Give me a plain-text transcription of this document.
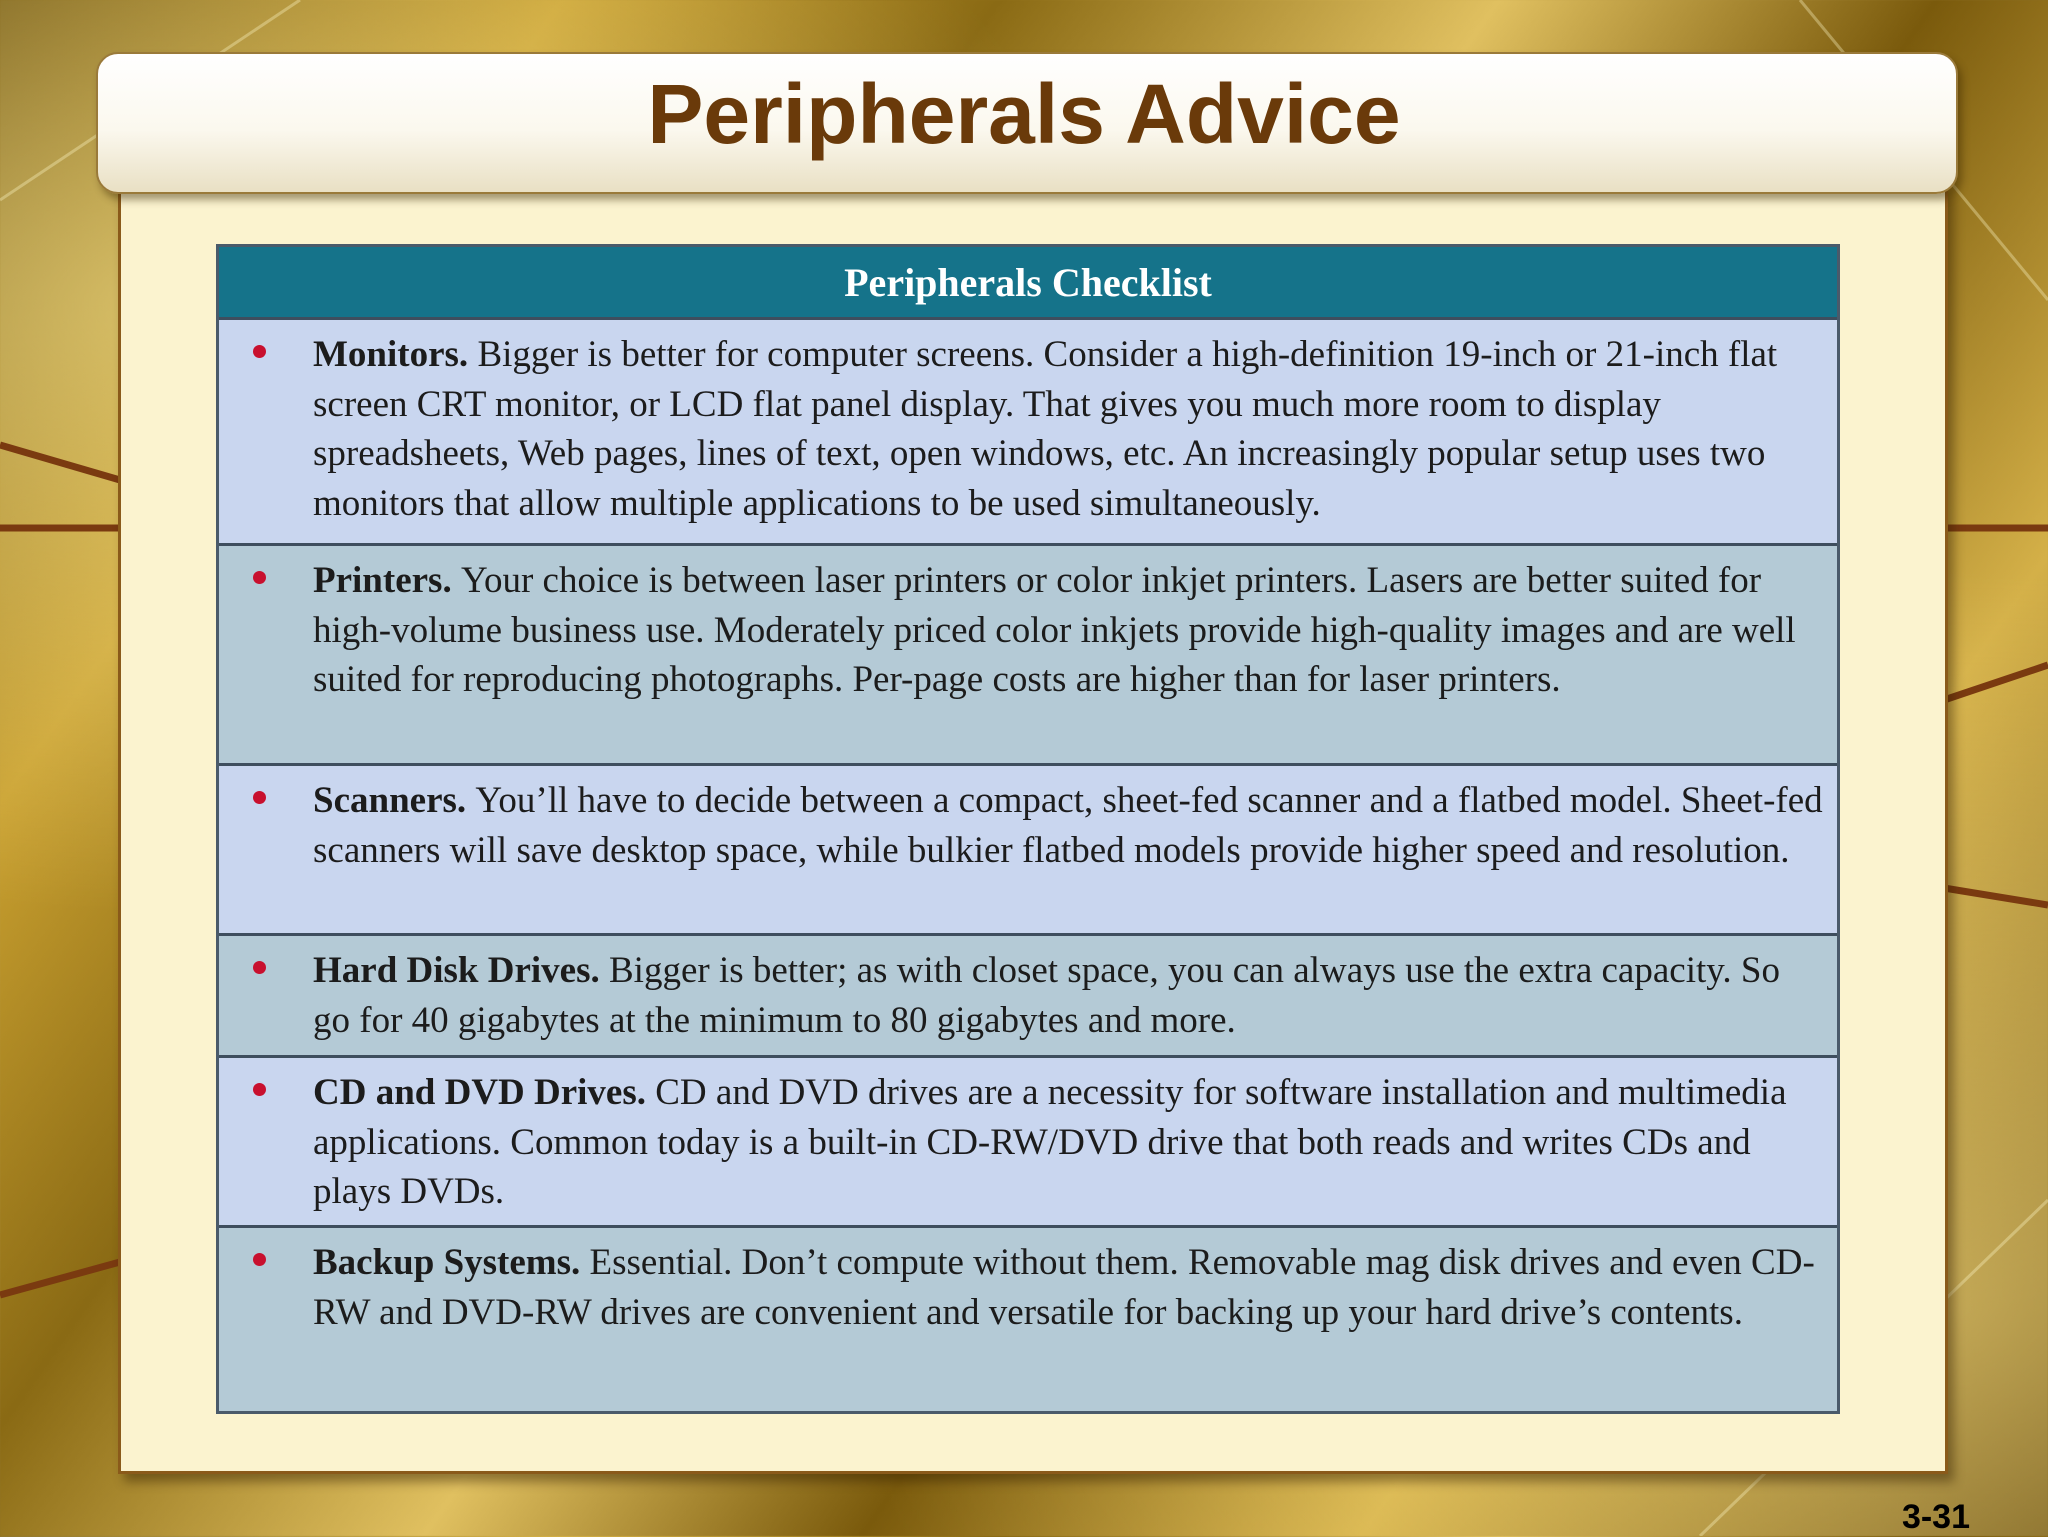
Peripherals Advice
Peripherals Checklist
Monitors. Bigger is better for computer screens. Consider a high-definition 19-inch or 21-inch flat screen CRT monitor, or LCD flat panel display. That gives you much more room to display spreadsheets, Web pages, lines of text, open windows, etc. An increasingly popular setup uses two monitors that allow multiple applications to be used simultaneously.
Printers. Your choice is between laser printers or color inkjet printers. Lasers are better suited for high-volume business use. Moderately priced color inkjets provide high-quality images and are well suited for reproducing photographs. Per-page costs are higher than for laser printers.
Scanners. You’ll have to decide between a compact, sheet-fed scanner and a flatbed model. Sheet-fed scanners will save desktop space, while bulkier flatbed models provide higher speed and resolution.
Hard Disk Drives. Bigger is better; as with closet space, you can always use the extra capacity. So go for 40 gigabytes at the minimum to 80 gigabytes and more.
CD and DVD Drives. CD and DVD drives are a necessity for software installation and multimedia applications. Common today is a built-in CD-RW/DVD drive that both reads and writes CDs and plays DVDs.
Backup Systems. Essential. Don’t compute without them. Removable mag disk drives and even CD-RW and DVD-RW drives are convenient and versatile for backing up your hard drive’s contents.
3-31
